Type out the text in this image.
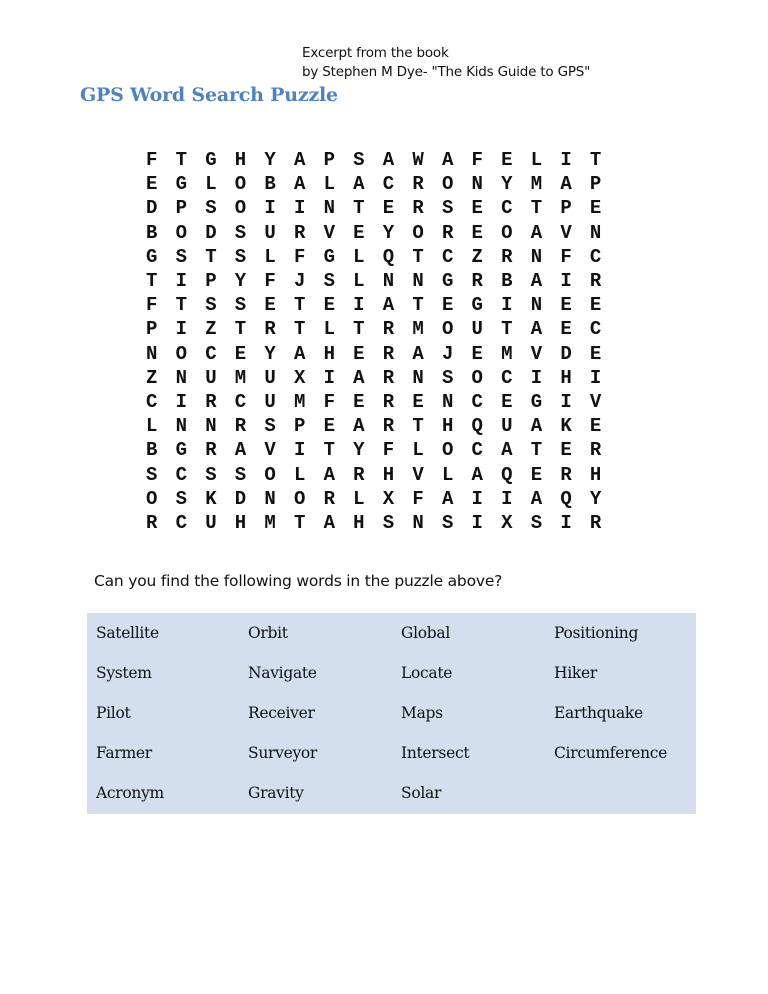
Excerpt from the book
by Stephen M Dye- "The Kids Guide to GPS"
GPS Word Search Puzzle
F T G H Y A P S A W A F E L I T
E G L O B A L A C R O N Y M A P
D P S O I I N T E R S E C T P E
B O D S U R V E Y O R E O A V N
G S T S L F G L Q T C Z R N F C
T I P Y F J S L N N G R B A I R
F T S S E T E I A T E G I N E E
P I Z T R T L T R M O U T A E C
N O C E Y A H E R A J E M V D E
Z N U M U X I A R N S O C I H I
C I R C U M F E R E N C E G I V
L N N R S P E A R T H Q U A K E
B G R A V I T Y F L O C A T E R
S C S S O L A R H V L A Q E R H
O S K D N O R L X F A I I A Q Y
R C U H M T A H S N S I X S I R
Can you find the following words in the puzzle above?
Satellite	Orbit	Global	Positioning
System	Navigate	Locate	Hiker
Pilot	Receiver	Maps	Earthquake
Farmer	Surveyor	Intersect	Circumference
Acronym	Gravity	Solar
